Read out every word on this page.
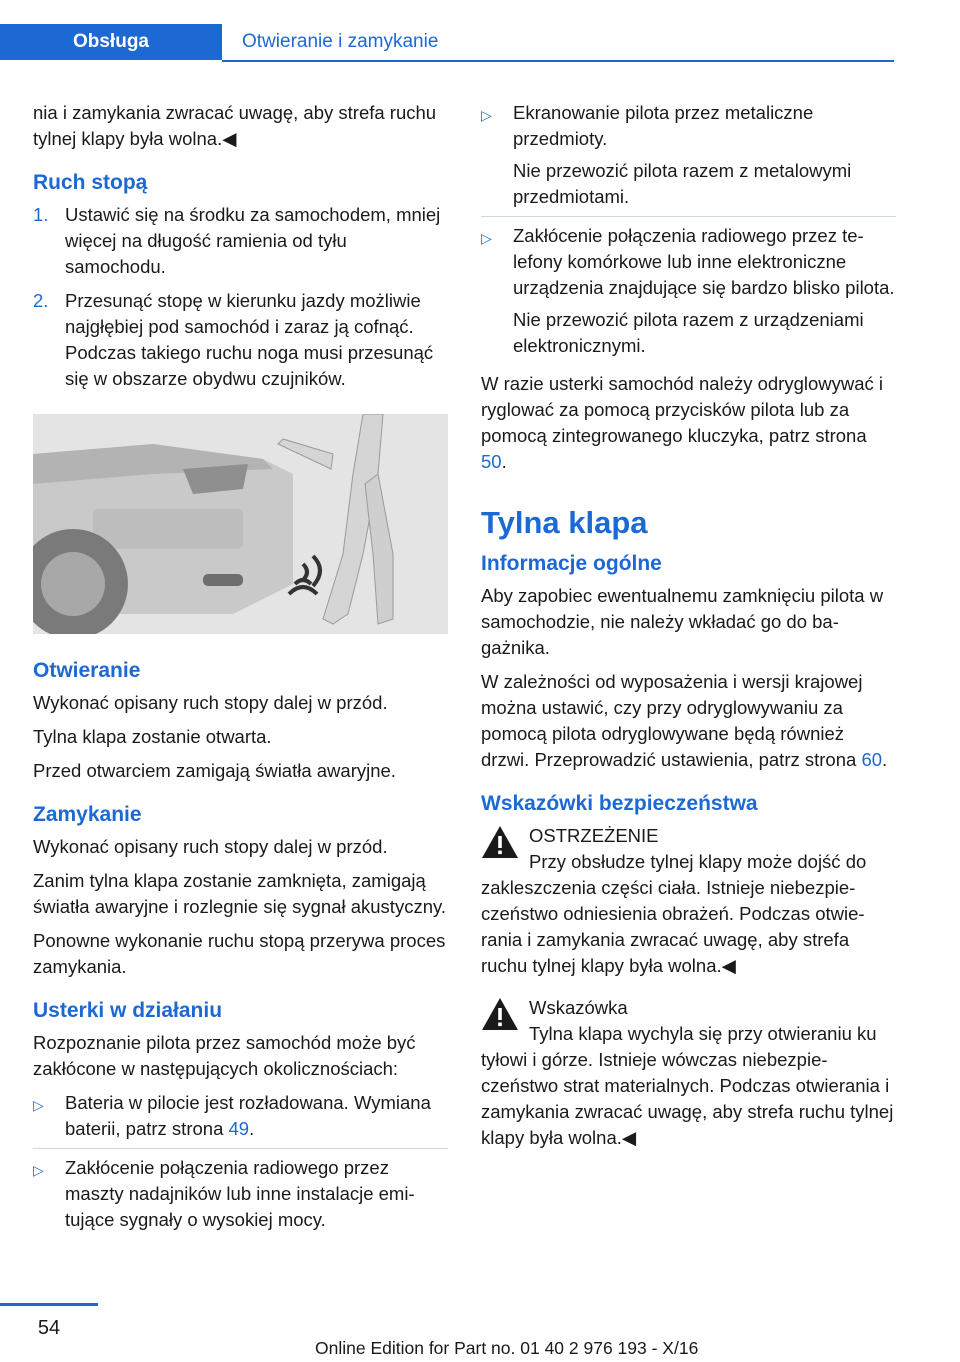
Obsługa	Otwieranie i zamykanie

nia i zamykania zwracać uwagę, aby strefa ruchu tylnej klapy była wolna.◀

Ruch stopą
1. Ustawić się na środku za samochodem, mniej więcej na długość ramienia od tyłu samochodu.
2. Przesunąć stopę w kierunku jazdy możliwie najgłębiej pod samochód i zaraz ją cofnąć. Podczas takiego ruchu noga musi przesunąć się w obszarze obydwu czujników.
Otwieranie

Wykonać opisany ruch stopy dalej w przód.

Tylna klapa zostanie otwarta.

Przed otwarciem zamigają światła awaryjne.

Zamykanie

Wykonać opisany ruch stopy dalej w przód.

Zanim tylna klapa zostanie zamknięta, zamigają światła awaryjne i rozlegnie się sygnał akustyczny.

Ponowne wykonanie ruchu stopą przerywa proces zamykania.

Usterki w działaniu

Rozpoznanie pilota przez samochód może być zakłócone w następujących okolicznościach:

▷	Bateria w pilocie jest rozładowana. Wymiana baterii, patrz strona 49.
▷	Zakłócenie połączenia radiowego przez maszty nadajników lub inne instalacje emitujące sygnały o wysokiej mocy.
▷	Ekranowanie pilota przez metaliczne przedmioty.
Nie przewozić pilota razem z metalowymi przedmiotami.
▷	Zakłócenie połączenia radiowego przez telefony komórkowe lub inne elektroniczne urządzenia znajdujące się bardzo blisko pilota.
Nie przewozić pilota razem z urządzeniami elektronicznymi.

W razie usterki samochód należy odryglowywać i ryglować za pomocą przycisków pilota lub za pomocą zintegrowanego kluczyka, patrz strona 50.

Tylna klapa
Informacje ogólne

Aby zapobiec ewentualnemu zamknięciu pilota w samochodzie, nie należy wkładać go do bagażnika.

W zależności od wyposażenia i wersji krajowej można ustawić, czy przy odryglowywaniu za pomocą pilota odryglowywane będą również drzwi. Przeprowadzić ustawienia, patrz strona 60.

Wskazówki bezpieczeństwa
OSTRZEŻENIE
Przy obsłudze tylnej klapy może dojść do zakleszczenia części ciała. Istnieje niebezpieczeństwo odniesienia obrażeń. Podczas otwierania i zamykania zwracać uwagę, aby strefa ruchu tylnej klapy była wolna.◀
Wskazówka
Tylna klapa wychyla się przy otwieraniu ku tyłowi i górze. Istnieje wówczas niebezpieczeństwo strat materialnych. Podczas otwierania i zamykania zwracać uwagę, aby strefa ruchu tylnej klapy była wolna.◀
54
Online Edition for Part no. 01 40 2 976 193 - X/16
